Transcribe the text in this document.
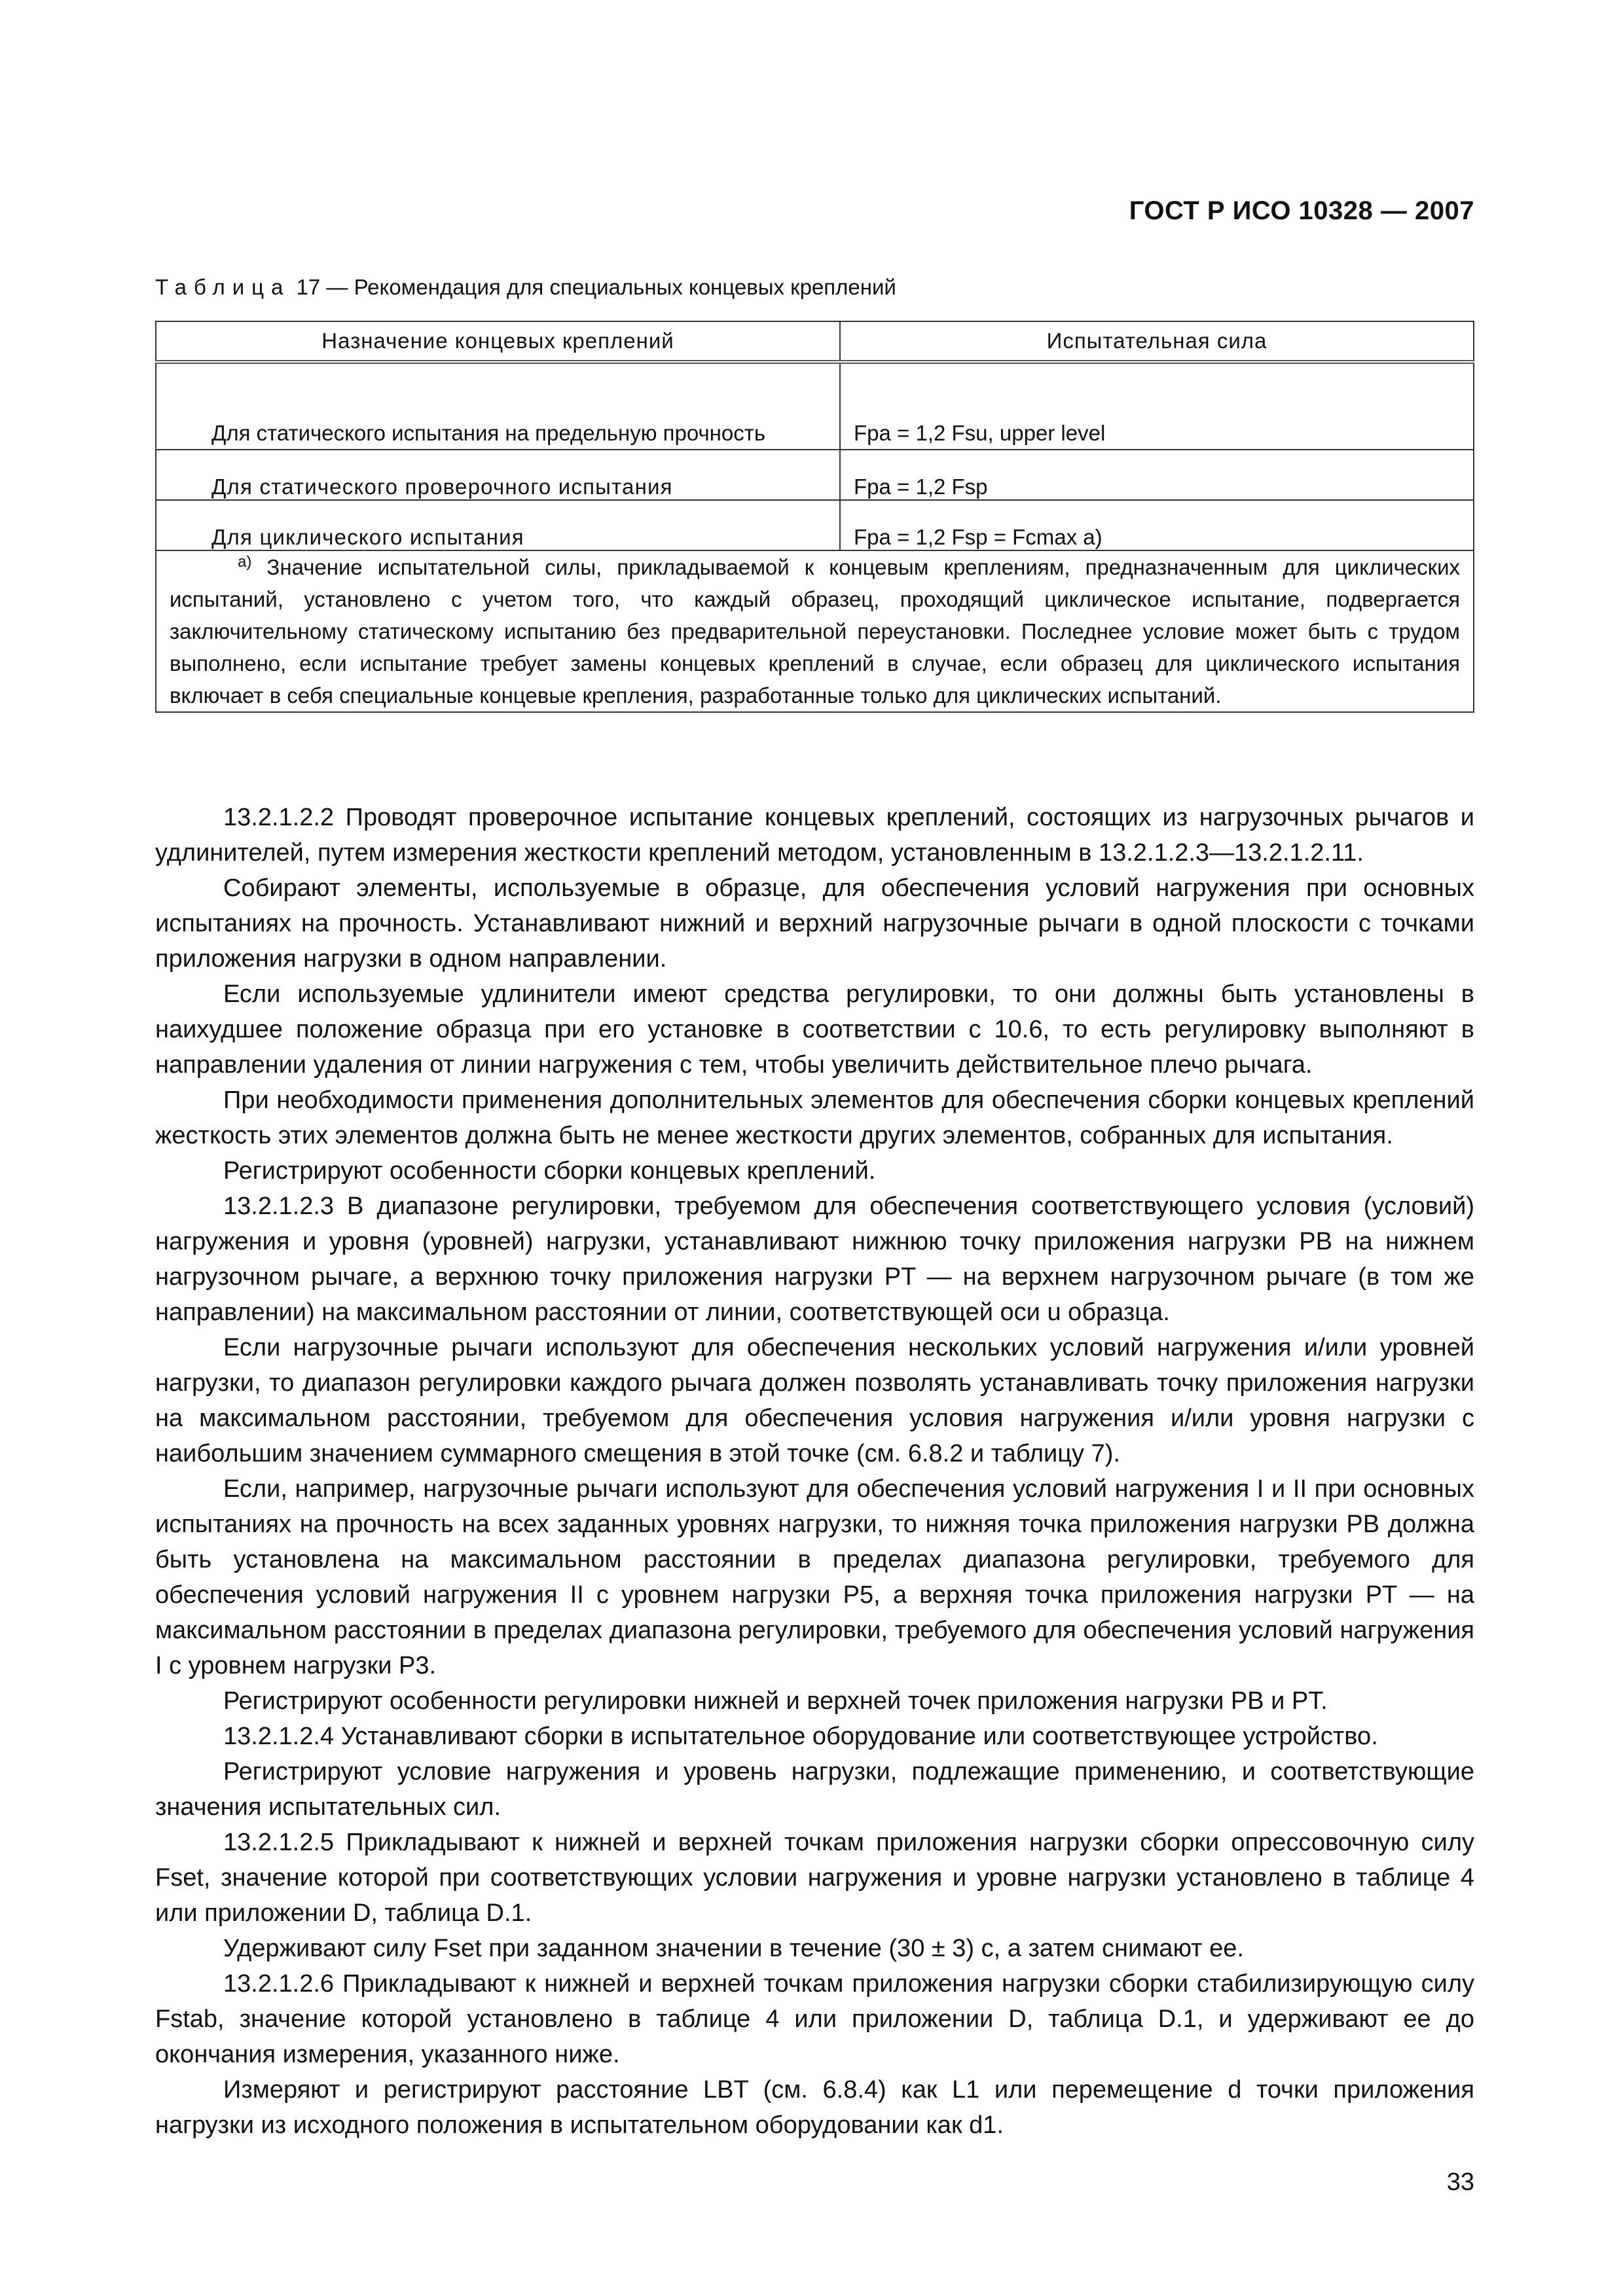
ГОСТ Р ИСО 10328 — 2007
Таблица 17 — Рекомендация для специальных концевых креплений
Назначение концевых креплений	Испытательная сила
Для статического испытания на предельную прочность	Fpa = 1,2 Fsu, upper level
Для статического проверочного испытания	Fpa = 1,2 Fsp
Для циклического испытания	Fpa = 1,2 Fsp = Fcmax a)
$^{а)}$ Значение испытательной силы, прикладываемой к концевым креплениям, предназначенным для циклических испытаний, установлено с учетом того, что каждый образец, проходящий циклическое испытание, подвергается заключительному статическому испытанию без предварительной переустановки. Последнее условие может быть с трудом выполнено, если испытание требует замены концевых креплений в случае, если образец для циклического испытания включает в себя специальные концевые крепления, разработанные только для циклических испытаний.	

13.2.1.2.2 Проводят проверочное испытание концевых креплений, состоящих из нагрузочных рычагов и удлинителей, путем измерения жесткости креплений методом, установленным в 13.2.1.2.3—13.2.1.2.11.

Собирают элементы, используемые в образце, для обеспечения условий нагружения при основных испытаниях на прочность. Устанавливают нижний и верхний нагрузочные рычаги в одной плоскости с точками приложения нагрузки в одном направлении.

Если используемые удлинители имеют средства регулировки, то они должны быть установлены в наихудшее положение образца при его установке в соответствии с 10.6, то есть регулировку выполняют в направлении удаления от линии нагружения с тем, чтобы увеличить действительное плечо рычага.

При необходимости применения дополнительных элементов для обеспечения сборки концевых креплений жесткость этих элементов должна быть не менее жесткости других элементов, собранных для испытания.

Регистрируют особенности сборки концевых креплений.

13.2.1.2.3 В диапазоне регулировки, требуемом для обеспечения соответствующего условия (условий) нагружения и уровня (уровней) нагрузки, устанавливают нижнюю точку приложения нагрузки PB на нижнем нагрузочном рычаге, а верхнюю точку приложения нагрузки PT — на верхнем нагрузочном рычаге (в том же направлении) на максимальном расстоянии от линии, соответствующей оси u образца.

Если нагрузочные рычаги используют для обеспечения нескольких условий нагружения и/или уровней нагрузки, то диапазон регулировки каждого рычага должен позволять устанавливать точку приложения нагрузки на максимальном расстоянии, требуемом для обеспечения условия нагружения и/или уровня нагрузки с наибольшим значением суммарного смещения в этой точке (см. 6.8.2 и таблицу 7).

Если, например, нагрузочные рычаги используют для обеспечения условий нагружения I и II при основных испытаниях на прочность на всех заданных уровнях нагрузки, то нижняя точка приложения нагрузки PB должна быть установлена на максимальном расстоянии в пределах диапазона регулировки, требуемого для обеспечения условий нагружения II с уровнем нагрузки P5, а верхняя точка приложения нагрузки PT — на максимальном расстоянии в пределах диапазона регулировки, требуемого для обеспечения условий нагружения I с уровнем нагрузки P3.

Регистрируют особенности регулировки нижней и верхней точек приложения нагрузки PB и PT.

13.2.1.2.4 Устанавливают сборки в испытательное оборудование или соответствующее устройство.

Регистрируют условие нагружения и уровень нагрузки, подлежащие применению, и соответствующие значения испытательных сил.

13.2.1.2.5 Прикладывают к нижней и верхней точкам приложения нагрузки сборки опрессовочную силу Fset, значение которой при соответствующих условии нагружения и уровне нагрузки установлено в таблице 4 или приложении D, таблица D.1.

Удерживают силу Fset при заданном значении в течение (30 ± 3) с, а затем снимают ее.

13.2.1.2.6 Прикладывают к нижней и верхней точкам приложения нагрузки сборки стабилизирующую силу Fstab, значение которой установлено в таблице 4 или приложении D, таблица D.1, и удерживают ее до окончания измерения, указанного ниже.

Измеряют и регистрируют расстояние LBT (см. 6.8.4) как L1 или перемещение d точки приложения нагрузки из исходного положения в испытательном оборудовании как d1.

33
